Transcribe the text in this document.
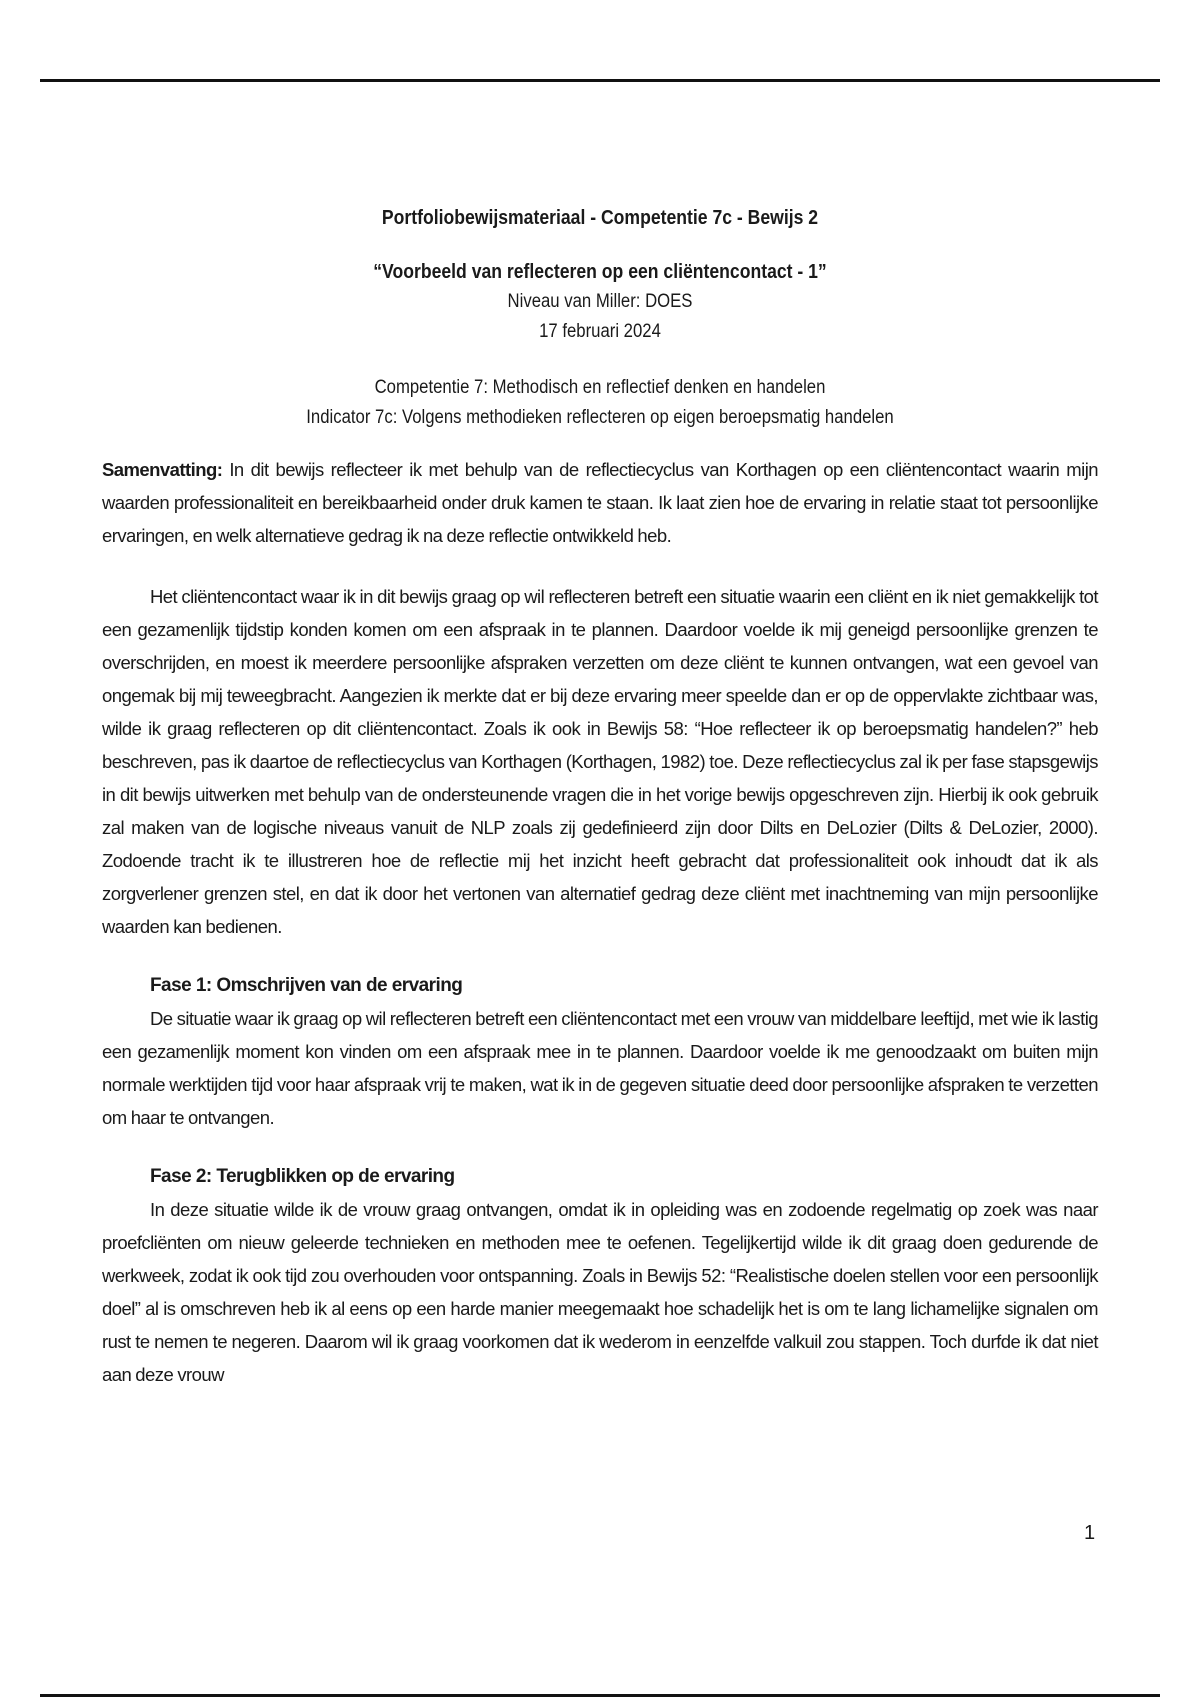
Portfoliobewijsmateriaal - Competentie 7c - Bewijs 2
“Voorbeeld van reflecteren op een cliëntencontact - 1”
Niveau van Miller: DOES
17 februari 2024
Competentie 7: Methodisch en reflectief denken en handelen
Indicator 7c: Volgens methodieken reflecteren op eigen beroepsmatig handelen

Samenvatting: In dit bewijs reflecteer ik met behulp van de reflectiecyclus van Korthagen op een cliëntencontact waarin mijn waarden professionaliteit en bereikbaarheid onder druk kamen te staan. Ik laat zien hoe de ervaring in relatie staat tot persoonlijke ervaringen, en welk alternatieve gedrag ik na deze reflectie ontwikkeld heb.

Het cliëntencontact waar ik in dit bewijs graag op wil reflecteren betreft een situatie waarin een cliënt en ik niet gemakkelijk tot een gezamenlijk tijdstip konden komen om een afspraak in te plannen. Daardoor voelde ik mij geneigd persoonlijke grenzen te overschrijden, en moest ik meerdere persoonlijke afspraken verzetten om deze cliënt te kunnen ontvangen, wat een gevoel van ongemak bij mij teweegbracht. Aangezien ik merkte dat er bij deze ervaring meer speelde dan er op de oppervlakte zichtbaar was, wilde ik graag reflecteren op dit cliëntencontact. Zoals ik ook in Bewijs 58: “Hoe reflecteer ik op beroepsmatig handelen?” heb beschreven, pas ik daartoe de reflectiecyclus van Korthagen (Korthagen, 1982) toe. Deze reflectiecyclus zal ik per fase stapsgewijs in dit bewijs uitwerken met behulp van de ondersteunende vragen die in het vorige bewijs opgeschreven zijn. Hierbij ik ook gebruik zal maken van de logische niveaus vanuit de NLP zoals zij gedefinieerd zijn door Dilts en DeLozier (Dilts & DeLozier, 2000). Zodoende tracht ik te illustreren hoe de reflectie mij het inzicht heeft gebracht dat professionaliteit ook inhoudt dat ik als zorgverlener grenzen stel, en dat ik door het vertonen van alternatief gedrag deze cliënt met inachtneming van mijn persoonlijke waarden kan bedienen.

Fase 1: Omschrijven van de ervaring

De situatie waar ik graag op wil reflecteren betreft een cliëntencontact met een vrouw van middelbare leeftijd, met wie ik lastig een gezamenlijk moment kon vinden om een afspraak mee in te plannen. Daardoor voelde ik me genoodzaakt om buiten mijn normale werktijden tijd voor haar afspraak vrij te maken, wat ik in de gegeven situatie deed door persoonlijke afspraken te verzetten om haar te ontvangen.

Fase 2: Terugblikken op de ervaring

In deze situatie wilde ik de vrouw graag ontvangen, omdat ik in opleiding was en zodoende regelmatig op zoek was naar proefcliënten om nieuw geleerde technieken en methoden mee te oefenen. Tegelijkertijd wilde ik dit graag doen gedurende de werkweek, zodat ik ook tijd zou overhouden voor ontspanning. Zoals in Bewijs 52: “Realistische doelen stellen voor een persoonlijk doel” al is omschreven heb ik al eens op een harde manier meegemaakt hoe schadelijk het is om te lang lichamelijke signalen om rust te nemen te negeren. Daarom wil ik graag voorkomen dat ik wederom in eenzelfde valkuil zou stappen. Toch durfde ik dat niet aan deze vrouw

1
